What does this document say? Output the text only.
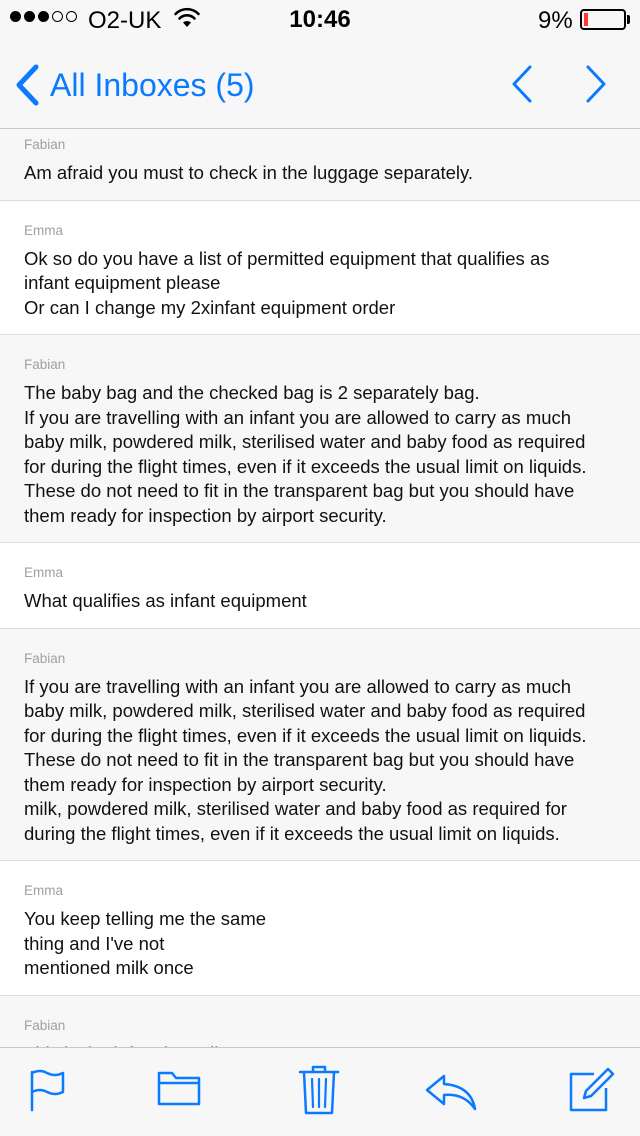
O2-UK	10:46	9%
All Inboxes (5)
Fabian
Am afraid you must to check in the luggage separately.
Emma
Ok so do you have a list of permitted equipment that qualifies as
infant equipment please
Or can I change my 2xinfant equipment order
Fabian
The baby bag and the checked bag is 2 separately bag.
If you are travelling with an infant you are allowed to carry as much
baby milk, powdered milk, sterilised water and baby food as required
for during the flight times, even if it exceeds the usual limit on liquids.
These do not need to fit in the transparent bag but you should have
them ready for inspection by airport security.
Emma
What qualifies as infant equipment
Fabian
If you are travelling with an infant you are allowed to carry as much
baby milk, powdered milk, sterilised water and baby food as required
for during the flight times, even if it exceeds the usual limit on liquids.
These do not need to fit in the transparent bag but you should have
them ready for inspection by airport security.
milk, powdered milk, sterilised water and baby food as required for
during the flight times, even if it exceeds the usual limit on liquids.
Emma
You keep telling me the same
thing and I've not
mentioned milk once
Fabian
